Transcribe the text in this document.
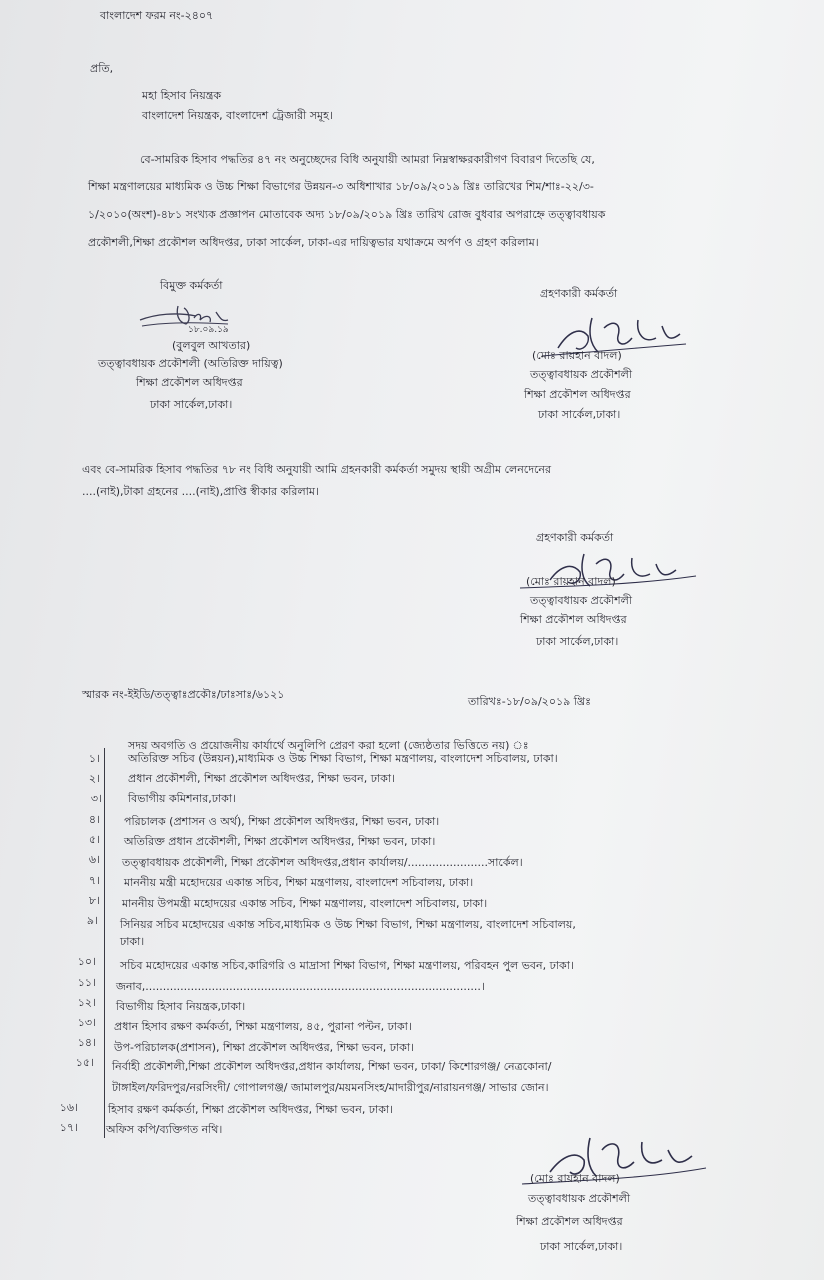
বাংলাদেশ ফরম নং-২৪০৭
প্রতি,
মহা হিসাব নিয়ন্ত্রক
বাংলাদেশ নিয়ন্ত্রক, বাংলাদেশ ট্রেজারী সমূহ।
বে-সামরিক হিসাব পদ্ধতির ৪৭ নং অনুচ্ছেদের বিধি অনুযায়ী আমরা নিম্নস্বাক্ষরকারীগণ বিবারণ দিতেছি যে,
শিক্ষা মন্ত্রণালয়ের মাধ্যমিক ও উচ্চ শিক্ষা বিভাগের উন্নয়ন-৩ অধিশাখার ১৮/০৯/২০১৯ খ্রিঃ তারিখের শিম/শাঃ-২২/৩-
১/২০১০(অংশ)-৪৮১ সংখ্যক প্রজ্ঞাপন মোতাবেক অদ্য ১৮/০৯/২০১৯ খ্রিঃ তারিখ রোজ বুধবার অপরাহ্নে তত্ত্বাবধায়ক
প্রকৌশলী,শিক্ষা প্রকৌশল অধিদপ্তর, ঢাকা সার্কেল, ঢাকা-এর দায়িত্বভার যথাক্রমে অর্পণ ও গ্রহণ করিলাম।
বিমুক্ত কর্মকর্তা
১৮.০৯.১৯
(বুলবুল আখতার)
তত্ত্বাবধায়ক প্রকৌশলী (অতিরিক্ত দায়িত্ব)
শিক্ষা প্রকৌশল অধিদপ্তর
ঢাকা সার্কেল,ঢাকা।
গ্রহণকারী কর্মকর্তা
(মোঃ রায়হান বাদল)
তত্ত্বাবধায়ক প্রকৌশলী
শিক্ষা প্রকৌশল অধিদপ্তর
ঢাকা সার্কেল,ঢাকা।
এবং বে-সামরিক হিসাব পদ্ধতির ৭৮ নং বিধি অনুযায়ী আমি গ্রহনকারী কর্মকর্তা সমুদয় স্থায়ী অগ্রীম লেনদেনের
....(নাই),টাকা গ্রহনের ....(নাই),প্রাপ্তি স্বীকার করিলাম।
গ্রহণকারী কর্মকর্তা
(মোঃ রায়হান বাদল)
তত্ত্বাবধায়ক প্রকৌশলী
শিক্ষা প্রকৌশল অধিদপ্তর
ঢাকা সার্কেল,ঢাকা।
স্মারক নং-ইইডি/তত্ত্বাঃপ্রকৌঃ/ঢাঃসাঃ/৬১২১
তারিখঃ-১৮/০৯/২০১৯ খ্রিঃ
সদয় অবগতি ও প্রয়োজনীয় কার্যার্থে অনুলিপি প্রেরণ করা হলো (জ্যেষ্ঠতার ভিত্তিতে নয়) ঃ
১।	অতিরিক্ত সচিব (উন্নয়ন),মাধ্যমিক ও উচ্চ শিক্ষা বিভাগ, শিক্ষা মন্ত্রণালয়, বাংলাদেশ সচিবালয়, ঢাকা।
২।	প্রধান প্রকৌশলী, শিক্ষা প্রকৌশল অধিদপ্তর, শিক্ষা ভবন, ঢাকা।
৩। বিভাগীয় কমিশনার,ঢাকা।
৪। পরিচালক (প্রশাসন ও অর্থ), শিক্ষা প্রকৌশল অধিদপ্তর, শিক্ষা ভবন, ঢাকা।
৫। অতিরিক্ত প্রধান প্রকৌশলী, শিক্ষা প্রকৌশল অধিদপ্তর, শিক্ষা ভবন, ঢাকা।
৬। তত্ত্বাবধায়ক প্রকৌশলী, শিক্ষা প্রকৌশল অধিদপ্তর,প্রধান কার্যালয়/.......................সার্কেল।
৭। মাননীয় মন্ত্রী মহোদয়ের একান্ত সচিব, শিক্ষা মন্ত্রণালয়, বাংলাদেশ সচিবালয়, ঢাকা।
৮। মাননীয় উপমন্ত্রী মহোদয়ের একান্ত সচিব, শিক্ষা মন্ত্রণালয়, বাংলাদেশ সচিবালয়, ঢাকা।
৯। সিনিয়র সচিব মহোদয়ের একান্ত সচিব,মাধ্যমিক ও উচ্চ শিক্ষা বিভাগ, শিক্ষা মন্ত্রণালয়, বাংলাদেশ সচিবালয়,
ঢাকা।
১০। সচিব মহোদয়ের একান্ত সচিব,কারিগরি ও মাদ্রাসা শিক্ষা বিভাগ, শিক্ষা মন্ত্রণালয়, পরিবহন পুল ভবন, ঢাকা।
১১। জনাব,................................................................................................।
১২। বিভাগীয় হিসাব নিয়ন্ত্রক,ঢাকা।
১৩। প্রধান হিসাব রক্ষণ কর্মকর্তা, শিক্ষা মন্ত্রণালয়, ৪৫, পুরানা পল্টন, ঢাকা।
১৪। উপ-পরিচালক(প্রশাসন), শিক্ষা প্রকৌশল অধিদপ্তর, শিক্ষা ভবন, ঢাকা।
১৫। নির্বাহী প্রকৌশলী,শিক্ষা প্রকৌশল অধিদপ্তর,প্রধান কার্যালয়, শিক্ষা ভবন, ঢাকা/ কিশোরগঞ্জ/ নেত্রকোনা/
টাঙ্গাইল/ফরিদপুর/নরসিংদী/ গোপালগঞ্জ/ জামালপুর/ময়মনসিংহ/মাদারীপুর/নারায়নগঞ্জ/ সাভার জোন।
১৬।	হিসাব রক্ষণ কর্মকর্তা, শিক্ষা প্রকৌশল অধিদপ্তর, শিক্ষা ভবন, ঢাকা।
১৭।	অফিস কপি/ব্যক্তিগত নথি।
(মোঃ রায়হান বাদল)
তত্ত্বাবধায়ক প্রকৌশলী
শিক্ষা প্রকৌশল অধিদপ্তর
ঢাকা সার্কেল,ঢাকা।
